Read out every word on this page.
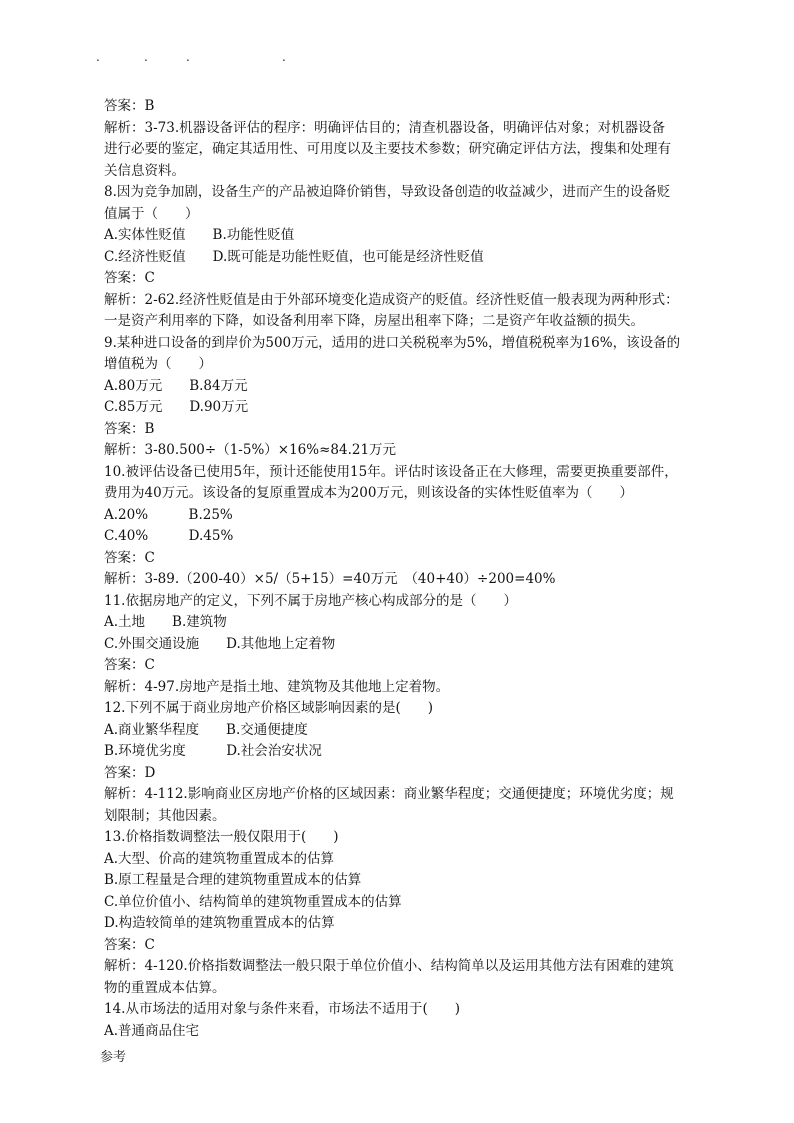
.	.	.	.
答案：B
解析：3-73.机器设备评估的程序：明确评估目的；清查机器设备，明确评估对象；对机器设备
进行必要的鉴定，确定其适用性、可用度以及主要技术参数；研究确定评估方法，搜集和处理有
关信息资料。
8.因为竞争加剧，设备生产的产品被迫降价销售，导致设备创造的收益减少，进而产生的设备贬
值属于（　　）
A.实体性贬值　　B.功能性贬值
C.经济性贬值　　D.既可能是功能性贬值，也可能是经济性贬值
答案：C
解析：2-62.经济性贬值是由于外部环境变化造成资产的贬值。经济性贬值一般表现为两种形式：
一是资产利用率的下降，如设备利用率下降，房屋出租率下降；二是资产年收益额的损失。
9.某种进口设备的到岸价为500万元，适用的进口关税税率为5%，增值税税率为16%，该设备的
增值税为（　　）
A.80万元　　B.84万元
C.85万元　　D.90万元
答案：B
解析：3-80.500÷（1-5%）×16%≈84.21万元
10.被评估设备已使用5年，预计还能使用15年。评估时该设备正在大修理，需要更换重要部件，
费用为40万元。该设备的复原重置成本为200万元，则该设备的实体性贬值率为（　　）
A.20%　　　B.25%
C.40%　　　D.45%
答案：C
解析：3-89.（200-40）×5/（5+15）=40万元　（40+40）÷200=40%
11.依据房地产的定义，下列不属于房地产核心构成部分的是（　　）
A.土地　　B.建筑物
C.外围交通设施　　D.其他地上定着物
答案：C
解析：4-97.房地产是指土地、建筑物及其他地上定着物。
12.下列不属于商业房地产价格区域影响因素的是(　　)
A.商业繁华程度　　B.交通便捷度
B.环境优劣度　　　D.社会治安状况
答案：D
解析：4-112.影响商业区房地产价格的区域因素：商业繁华程度；交通便捷度；环境优劣度；规
划限制；其他因素。
13.价格指数调整法一般仅限用于(　　)
A.大型、价高的建筑物重置成本的估算
B.原工程量是合理的建筑物重置成本的估算
C.单位价值小、结构简单的建筑物重置成本的估算
D.构造较简单的建筑物重置成本的估算
答案：C
解析：4-120.价格指数调整法一般只限于单位价值小、结构简单以及运用其他方法有困难的建筑
物的重置成本估算。
14.从市场法的适用对象与条件来看，市场法不适用于(　　)
A.普通商品住宅
参考
